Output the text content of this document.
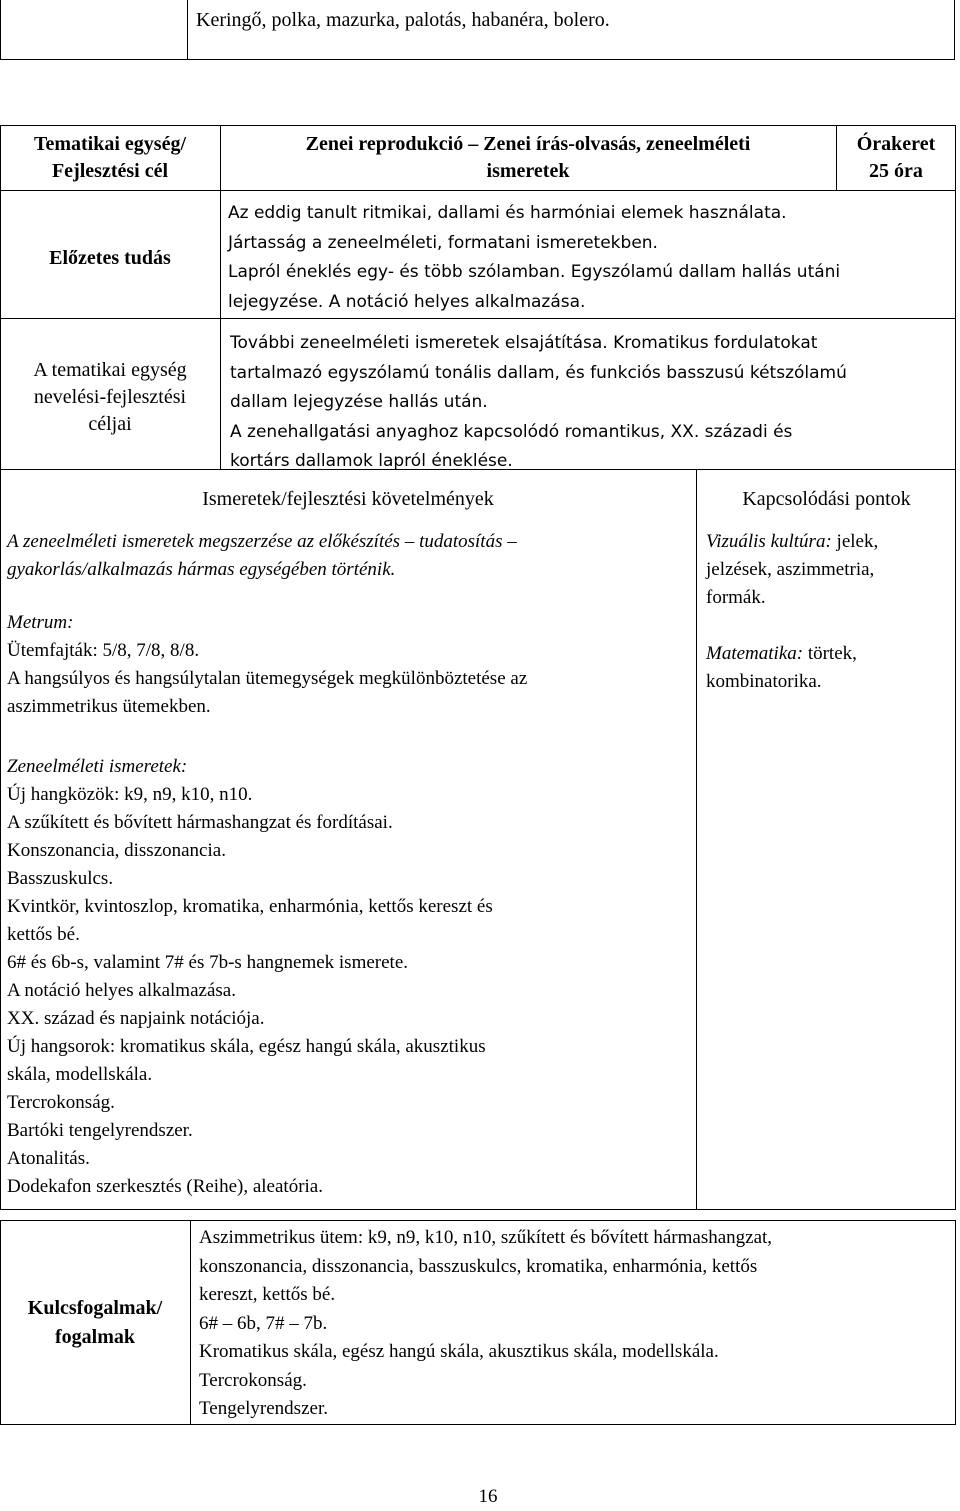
Keringő, polka, mazurka, palotás, habanéra, bolero.
Tematikai egység/
Fejlesztési cél
Zenei reprodukció – Zenei írás-olvasás, zeneelméleti
ismeretek
Órakeret
25 óra
Előzetes tudás
Az eddig tanult ritmikai, dallami és harmóniai elemek használata.
Jártasság a zeneelméleti, formatani ismeretekben.
Lapról éneklés egy- és több szólamban. Egyszólamú dallam hallás utáni
lejegyzése. A notáció helyes alkalmazása.
A tematikai egység
nevelési-fejlesztési
céljai
További zeneelméleti ismeretek elsajátítása. Kromatikus fordulatokat
tartalmazó egyszólamú tonális dallam, és funkciós basszusú kétszólamú
dallam lejegyzése hallás után.
A zenehallgatási anyaghoz kapcsolódó romantikus, XX. századi és
kortárs dallamok lapról éneklése.
Ismeretek/fejlesztési követelmények	Kapcsolódási pontok
A zeneelméleti ismeretek megszerzése az előkészítés – tudatosítás –
gyakorlás/alkalmazás hármas egységében történik.
Metrum:
Ütemfajták: 5/8, 7/8, 8/8.
A hangsúlyos és hangsúlytalan ütemegységek megkülönböztetése az
aszimmetrikus ütemekben.
Zeneelméleti ismeretek:
Új hangközök: k9, n9, k10, n10.
A szűkített és bővített hármashangzat és fordításai.
Konszonancia, disszonancia.
Basszuskulcs.
Kvintkör, kvintoszlop, kromatika, enharmónia, kettős kereszt és
kettős bé.
6# és 6b-s, valamint 7# és 7b-s hangnemek ismerete.
A notáció helyes alkalmazása.
XX. század és napjaink notációja.
Új hangsorok: kromatikus skála, egész hangú skála, akusztikus
skála, modellskála.
Tercrokonság.
Bartóki tengelyrendszer.
Atonalitás.
Dodekafon szerkesztés (Reihe), aleatória.
Vizuális kultúra: jelek,
jelzések, aszimmetria,
formák.
Matematika: törtek,
kombinatorika.
Kulcsfogalmak/
fogalmak
Aszimmetrikus ütem: k9, n9, k10, n10, szűkített és bővített hármashangzat,
konszonancia, disszonancia, basszuskulcs, kromatika, enharmónia, kettős
kereszt, kettős bé.
6# – 6b, 7# – 7b.
Kromatikus skála, egész hangú skála, akusztikus skála, modellskála.
Tercrokonság.
Tengelyrendszer.
16
